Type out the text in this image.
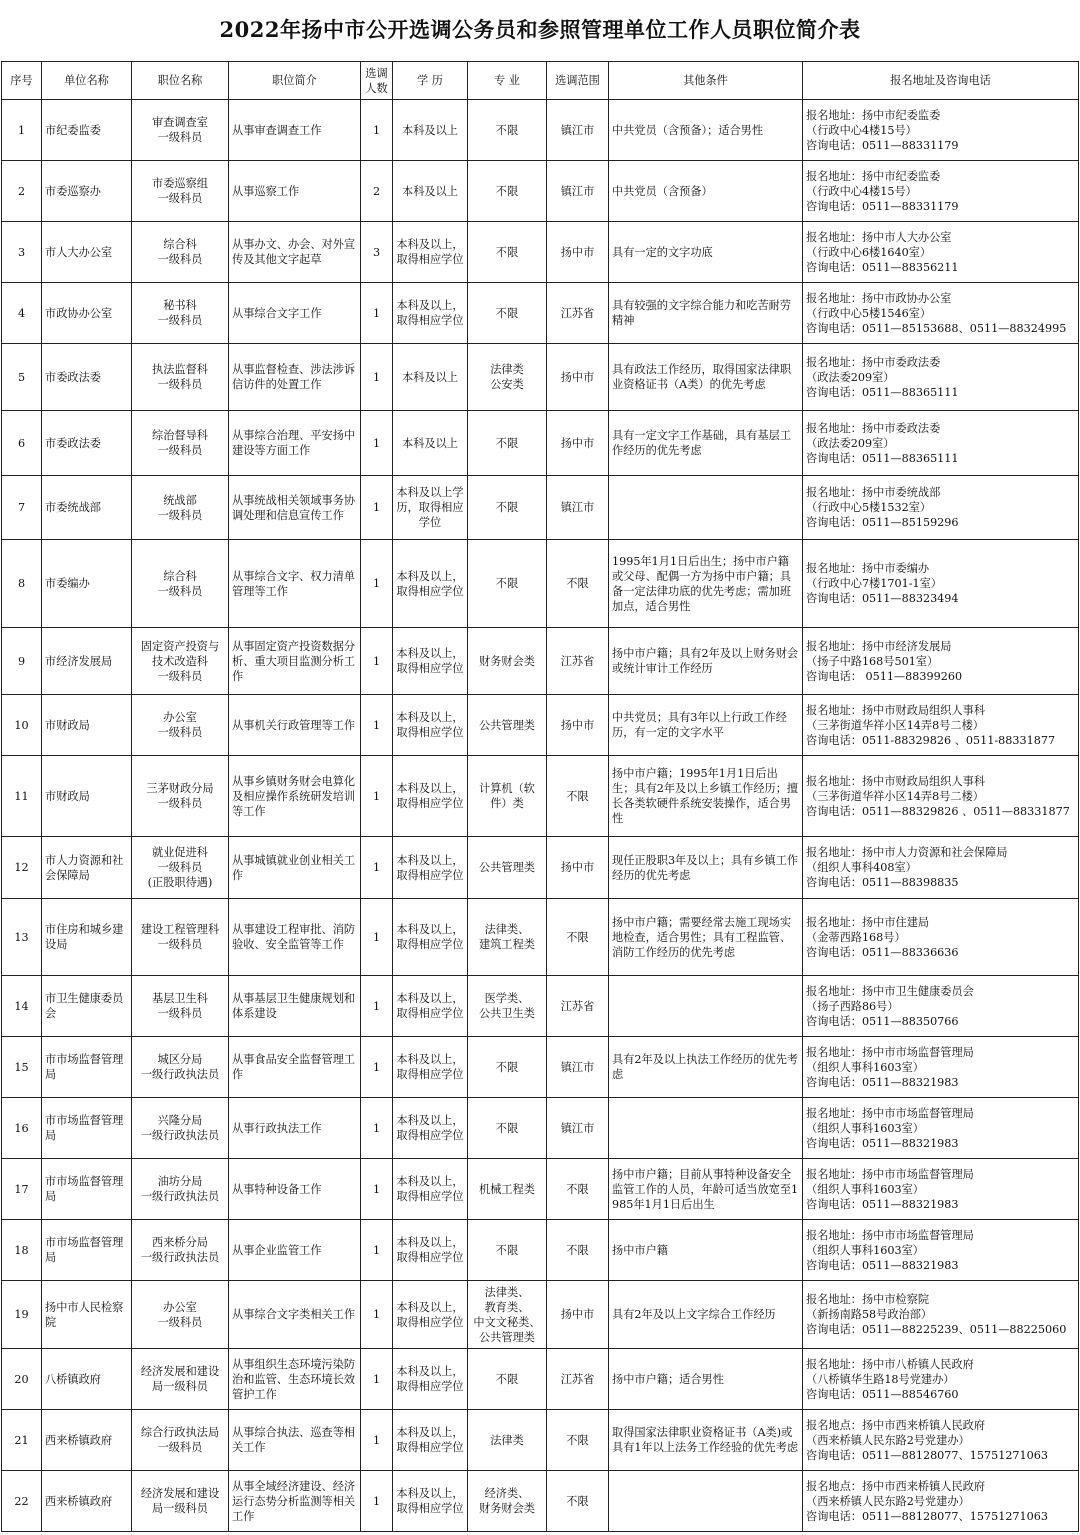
2022年扬中市公开选调公务员和参照管理单位工作人员职位简介表
序号	单位名称	职位名称	职位简介	选调人数	学 历	专 业	选调范围	其他条件	报名地址及咨询电话
1	市纪委监委	审查调查室
一级科员	从事审查调查工作	1	本科及以上	不限	镇江市	中共党员（含预备）；适合男性	报名地址：扬中市纪委监委
（行政中心4楼15号）
咨询电话：0511—88331179

2	市委巡察办	市委巡察组
一级科员	从事巡察工作	2	本科及以上	不限	镇江市	中共党员（含预备）	报名地址：扬中市纪委监委
（行政中心4楼15号）
咨询电话：0511—88331179

3	市人大办公室	综合科
一级科员	从事办文、办会、对外宣传及其他文字起草	3	本科及以上，取得相应学位	不限	扬中市	具有一定的文字功底	报名地址：扬中市人大办公室
（行政中心6楼1640室）
咨询电话：0511—88356211

4	市政协办公室	秘书科
一级科员	从事综合文字工作	1	本科及以上，取得相应学位	不限	江苏省	具有较强的文字综合能力和吃苦耐劳精神	报名地址：扬中市政协办公室
（行政中心5楼1546室）
咨询电话：0511—85153688、0511—88324995

5	市委政法委	执法监督科
一级科员	从事监督检查、涉法涉诉信访件的处置工作	1	本科及以上	法律类
公安类	扬中市	具有政法工作经历，取得国家法律职业资格证书（A类）的优先考虑	报名地址：扬中市委政法委
（政法委209室）
咨询电话：0511—88365111

6	市委政法委	综治督导科
一级科员	从事综合治理、平安扬中建设等方面工作	1	本科及以上	不限	扬中市	具有一定文字工作基础，具有基层工作经历的优先考虑	报名地址：扬中市委政法委
（政法委209室）
咨询电话：0511—88365111

7	市委统战部	统战部
一级科员	从事统战相关领域事务协调处理和信息宣传工作	1	本科及以上学历，取得相应学位	不限	镇江市		报名地址：扬中市委统战部
（行政中心5楼1532室）
咨询电话：0511—85159296

8	市委编办	综合科
一级科员	从事综合文字、权力清单管理等工作	1	本科及以上，取得相应学位	不限	不限	1995年1月1日后出生；扬中市户籍或父母、配偶一方为扬中市户籍；具备一定法律功底的优先考虑；需加班加点，适合男性	报名地址：扬中市委编办
（行政中心7楼1701-1室）
咨询电话：0511—88323494

9	市经济发展局	固定资产投资与
技术改造科
一级科员	从事固定资产投资数据分析、重大项目监测分析工作	1	本科及以上，取得相应学位	财务财会类	江苏省	扬中市户籍；具有2年及以上财务财会或统计审计工作经历	报名地址：扬中市经济发展局
（扬子中路168号501室）
咨询电话： 0511—88399260

10	市财政局	办公室
一级科员	从事机关行政管理等工作	1	本科及以上，取得相应学位	公共管理类	扬中市	中共党员；具有3年以上行政工作经历，有一定的文字水平	报名地址：扬中市财政局组织人事科
（三茅街道华祥小区14弄8号二楼）
咨询电话：0511-88329826 、0511-88331877

11	市财政局	三茅财政分局
一级科员	从事乡镇财务财会电算化及相应操作系统研发培训等工作	1	本科及以上，取得相应学位	计算机（软件）类	不限	扬中市户籍；1995年1月1日后出生；具有2年及以上乡镇工作经历；擅长各类软硬件系统安装操作，适合男性	报名地址：扬中市财政局组织人事科
（三茅街道华祥小区14弄8号二楼）
咨询电话：0511—88329826 、0511—88331877

12	市人力资源和社会保障局	就业促进科
一级科员
(正股职待遇)	从事城镇就业创业相关工作	1	本科及以上，取得相应学位	公共管理类	扬中市	现任正股职3年及以上；具有乡镇工作经历的优先考虑	报名地址：扬中市人力资源和社会保障局
（组织人事科408室）
咨询电话：0511—88398835

13	市住房和城乡建设局	建设工程管理科
一级科员	从事建设工程审批、消防验收、安全监管等工作	1	本科及以上，取得相应学位	法律类、
建筑工程类	不限	扬中市户籍；需要经常去施工现场实地检查，适合男性；具有工程监管、消防工作经历的优先考虑	报名地址：扬中市住建局
（金蒂西路168号）
咨询电话：0511—88336636

14	市卫生健康委员会	基层卫生科
一级科员	从事基层卫生健康规划和体系建设	1	本科及以上，取得相应学位	医学类、
公共卫生类	江苏省		报名地址：扬中市卫生健康委员会
（扬子西路86号）
咨询电话：0511—88350766

15	市市场监督管理局	城区分局
一级行政执法员	从事食品安全监督管理工作	1	本科及以上，取得相应学位	不限	镇江市	具有2年及以上执法工作经历的优先考虑	报名地址：扬中市市场监督管理局
（组织人事科1603室）
咨询电话：0511—88321983

16	市市场监督管理局	兴隆分局
一级行政执法员	从事行政执法工作	1	本科及以上，取得相应学位	不限	镇江市		报名地址：扬中市市场监督管理局
（组织人事科1603室）
咨询电话：0511—88321983

17	市市场监督管理局	油坊分局
一级行政执法员	从事特种设备工作	1	本科及以上，取得相应学位	机械工程类	不限	扬中市户籍；目前从事特种设备安全监管工作的人员，年龄可适当放宽至1985年1月1日后出生	报名地址：扬中市市场监督管理局
（组织人事科1603室）
咨询电话：0511—88321983

18	市市场监督管理局	西来桥分局
一级行政执法员	从事企业监管工作	1	本科及以上，取得相应学位	不限	不限	扬中市户籍	报名地址：扬中市市场监督管理局
（组织人事科1603室）
咨询电话：0511—88321983

19	扬中市人民检察院	办公室
一级科员	从事综合文字类相关工作	1	本科及以上，取得相应学位	法律类、
教育类、
中文文秘类、
公共管理类	扬中市	具有2年及以上文字综合工作经历	报名地址：扬中市检察院
（新扬南路58号政治部）
咨询电话：0511—88225239、0511—88225060

20	八桥镇政府	经济发展和建设
局一级科员	从事组织生态环境污染防治和监管、生态环境长效管护工作	1	本科及以上，取得相应学位	不限	江苏省	扬中市户籍；适合男性	报名地址：扬中市八桥镇人民政府
（八桥镇华生路18号党建办）
咨询电话：0511—88546760

21	西来桥镇政府	综合行政执法局
一级科员	从事综合执法、巡查等相关工作	1	本科及以上，取得相应学位	法律类	不限	取得国家法律职业资格证书（A类)或具有1年以上法务工作经验的优先考虑	报名地点：扬中市西来桥镇人民政府
（西来桥镇人民东路2号党建办）
咨询电话：0511—88128077、15751271063

22	西来桥镇政府	经济发展和建设
局一级科员	从事全域经济建设、经济运行态势分析监测等相关工作	1	本科及以上，取得相应学位	经济类、
财务财会类	不限		报名地点：扬中市西来桥镇人民政府
（西来桥镇人民东路2号党建办）
咨询电话：0511—88128077、15751271063
